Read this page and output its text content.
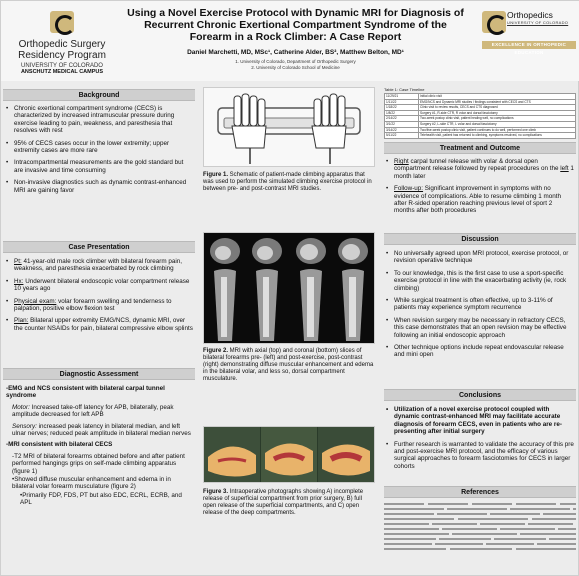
Orthopedic Surgery
Residency Program
UNIVERSITY OF COLORADO
ANSCHUTZ MEDICAL CAMPUS
Using a Novel Exercise Protocol with Dynamic MRI for Diagnosis of Recurrent Chronic Exertional Compartment Syndrome of the Forearm in a Rock Climber: A Case Report
Daniel Marchetti, MD, MSc¹, Catherine Alder, BS², Matthew Belton, MD¹
1. University of Colorado, Department of Orthopedic Surgery
2. University of Colorado School of Medicine
Orthopedics
UNIVERSITY OF COLORADO
EXCELLENCE IN ORTHOPEDIC EDUCATION
Background
• Chronic exertional compartment syndrome (CECS) is characterized by increased intramuscular pressure during exercise leading to pain, weakness, and paresthesia that resolves with rest
• 95% of CECS cases occur in the lower extremity; upper extremity cases are more rare
• Intracompartmental measurements are the gold standard but are invasive and time consuming
• Non-invasive diagnostics such as dynamic contrast-enhanced MRI are gaining favor
Case Presentation
• Pt: 41-year-old male rock climber with bilateral forearm pain, weakness, and paresthesia exacerbated by rock climbing
• Hx: Underwent bilateral endoscopic volar compartment release 10 years ago
• Physical exam: volar forearm swelling and tenderness to palpation, positive elbow flexion test
• Plan: Bilateral upper extremity EMG/NCS, dynamic MRI, over the counter NSAIDs for pain, bilateral compressive elbow splints
Diagnostic Assessment

-EMG and NCS consistent with bilateral carpal tunnel syndrome

Motor: Increased take-off latency for APB, bilaterally, peak amplitude decreased for left APB

Sensory: increased peak latency in bilateral median, and left ulnar nerves; reduced peak amplitude in bilateral median nerves

-MRI consistent with bilateral CECS

-T2 MRI of bilateral forearms obtained before and after patient performed hangings grips on self-made climbing apparatus (figure 1)

•Showed diffuse muscular enhancement and edema in in bilateral volar forearm musculature (figure 2)

•Primarily FDP, FDS, PT but also EDC, ECRL, ECRB, and APL

Figure 1. Schematic of patient-made climbing apparatus that was used to perform the simulated climbing exercise protocol in between pre- and post-contrast MRI studies.
Figure 2. MRI with axial (top) and coronal (bottom) slices of bilateral forearms pre- (left) and post-exercise, post-contrast (right) demonstrating diffuse muscular enhancement and edema in the bilateral volar, and less so, dorsal compartment musculature.
Figure 3. Intraoperative photographs showing A) incomplete release of superficial compartment from prior surgery, B) full open release of the superficial compartments, and C) open release of the deep compartments.
Table 1: Case Timeline
11/29/21	Initial clinic visit
1/11/22	EMG/NCS and Dynamic MRI studies / findings consistent with CECS and CTS
1/18/22	Clinic visit to review results, CECS and CTS diagnosed
1/8/22	Surgery #1, R-side CTR, R volar and dorsal fasciotomy
2/14/22	Two-week postop clinic visit, patient healing well, no complications
3/1/22	Surgery #2, L-side CTR, L volar and dorsal fasciotomy
3/14/22	Two/five-week postop clinic visit, patient continues to do well, performed one climb
5/11/22	Telehealth visit, patient has returned to climbing, symptoms resolved, no complications
Treatment and Outcome
• Right carpal tunnel release with volar & dorsal open compartment release followed by repeat procedures on the left 1 month later
• Follow-up: Significant improvement in symptoms with no evidence of complications. Able to resume climbing 1 month after R-sided operation reaching previous level of sport 2 months after both procedures
Discussion
• No universally agreed upon MRI protocol, exercise protocol, or revision operative technique
• To our knowledge, this is the first case to use a sport-specific exercise protocol in line with the exacerbating activity (ie, rock climbing)
• While surgical treatment is often effective, up to 3-11% of patients may experience symptom recurrence
• When revision surgery may be necessary in refractory CECS, this case demonstrates that an open revision may be effective following an initial endoscopic approach
• Other technique options include repeat endovascular release and mini open
Conclusions
• Utilization of a novel exercise protocol coupled with dynamic contrast-enhanced MRI may facilitate accurate diagnosis of forearm CECS, even in patients who are re-presenting after initial surgery
• Further research is warranted to validate the accuracy of this pre and post-exercise MRI protocol, and the efficacy of various surgical approaches to forearm fasciotomies for CECS in larger cohorts
References
